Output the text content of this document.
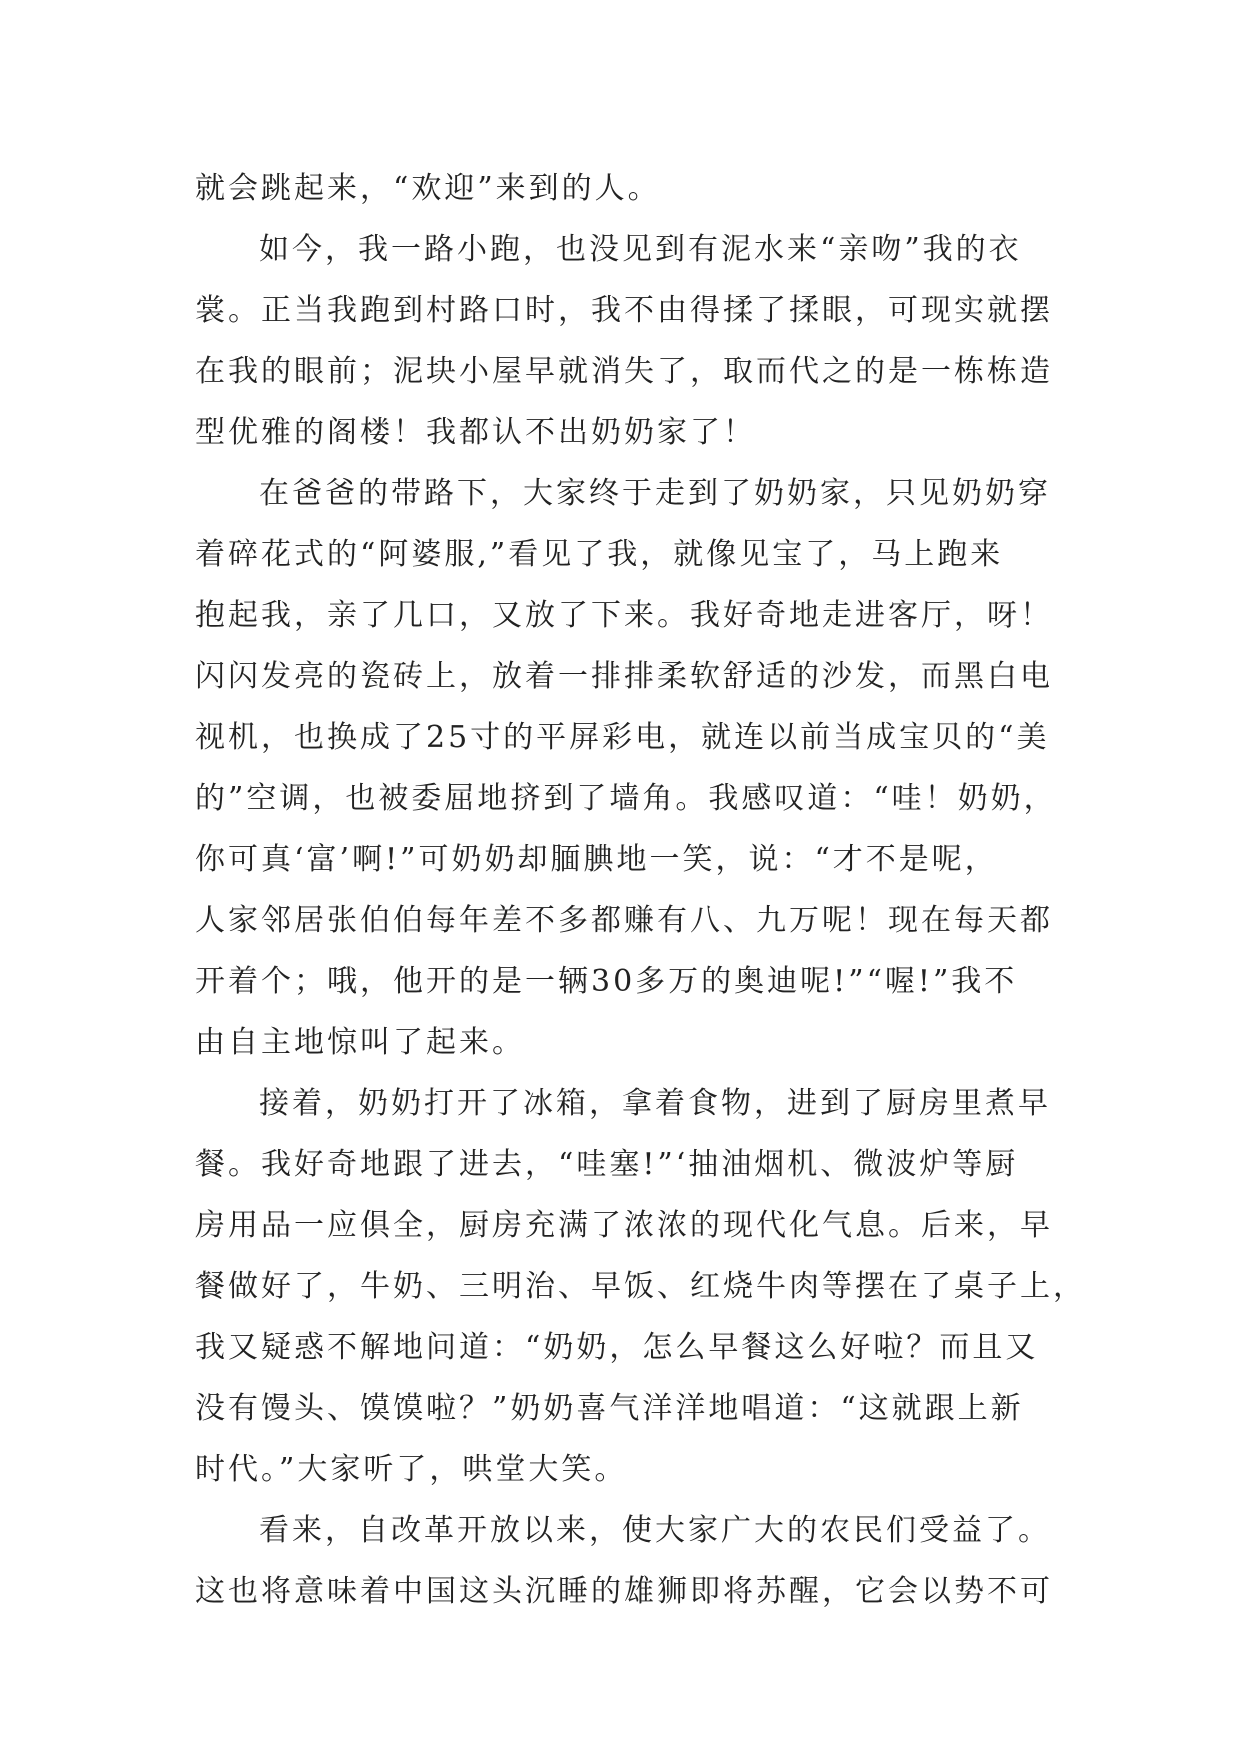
就会跳起来，“欢迎”来到的人。
如今，我一路小跑，也没见到有泥水来“亲吻”我的衣
裳。正当我跑到村路口时，我不由得揉了揉眼，可现实就摆
在我的眼前；泥块小屋早就消失了，取而代之的是一栋栋造
型优雅的阁楼！我都认不出奶奶家了！
在爸爸的带路下，大家终于走到了奶奶家，只见奶奶穿
着碎花式的“阿婆服,”看见了我，就像见宝了，马上跑来
抱起我，亲了几口，又放了下来。我好奇地走进客厅，呀！
闪闪发亮的瓷砖上，放着一排排柔软舒适的沙发，而黑白电
视机，也换成了25寸的平屏彩电，就连以前当成宝贝的“美
的”空调，也被委屈地挤到了墙角。我感叹道：“哇！奶奶，
你可真‘富’啊!”可奶奶却腼腆地一笑，说：“才不是呢，
人家邻居张伯伯每年差不多都赚有八、九万呢！现在每天都
开着个；哦，他开的是一辆30多万的奥迪呢!”“喔!”我不
由自主地惊叫了起来。
接着，奶奶打开了冰箱，拿着食物，进到了厨房里煮早
餐。我好奇地跟了进去，“哇塞!”‘抽油烟机、微波炉等厨
房用品一应俱全，厨房充满了浓浓的现代化气息。后来，早
餐做好了，牛奶、三明治、早饭、红烧牛肉等摆在了桌子上，
我又疑惑不解地问道：“奶奶，怎么早餐这么好啦？而且又
没有馒头、馍馍啦？”奶奶喜气洋洋地唱道：“这就跟上新
时代。”大家听了，哄堂大笑。
看来，自改革开放以来，使大家广大的农民们受益了。
这也将意味着中国这头沉睡的雄狮即将苏醒，它会以势不可
